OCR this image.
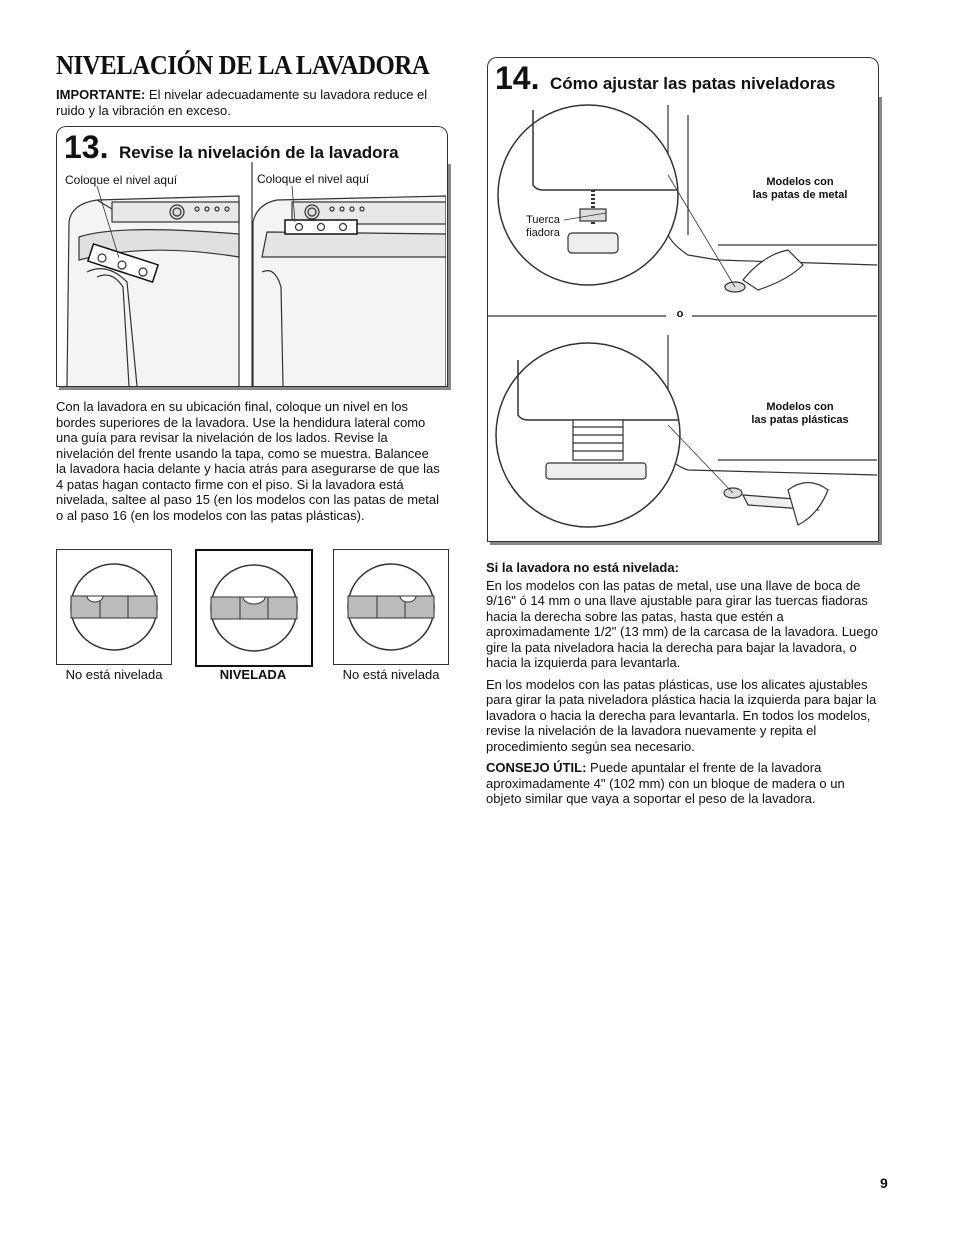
NIVELACIÓN DE LA LAVADORA
IMPORTANTE: El nivelar adecuadamente su lavadora reduce el ruido y la vibración en exceso.
13. Revise la nivelación de la lavadora
Coloque el nivel aquí	Coloque el nivel aquí
Con la lavadora en su ubicación final, coloque un nivel en los bordes superiores de la lavadora. Use la hendidura lateral como una guía para revisar la nivelación de los lados. Revise la nivelación del frente usando la tapa, como se muestra. Balancee la lavadora hacia delante y hacia atrás para asegurarse de que las 4 patas hagan contacto firme con el piso. Si la lavadora está nivelada, saltee al paso 15 (en los modelos con las patas de metal o al paso 16 (en los modelos con las patas plásticas).
No está nivelada	NIVELADA	No está nivelada
14. Cómo ajustar las patas niveladoras
Tuerca
fiadora
Modelos con
las patas de metal
o
Modelos con
las patas plásticas
Si la lavadora no está nivelada:

En los modelos con las patas de metal, use una llave de boca de 9/16" ó 14 mm o una llave ajustable para girar las tuercas fiadoras hacia la derecha sobre las patas, hasta que estén a aproximadamente 1/2" (13 mm) de la carcasa de la lavadora. Luego gire la pata niveladora hacia la derecha para bajar la lavadora, o hacia la izquierda para levantarla.

En los modelos con las patas plásticas, use los alicates ajustables para girar la pata niveladora plástica hacia la izquierda para bajar la lavadora o hacia la derecha para levantarla. En todos los modelos, revise la nivelación de la lavadora nuevamente y repita el procedimiento según sea necesario.

CONSEJO ÚTIL: Puede apuntalar el frente de la lavadora aproximadamente 4" (102 mm) con un bloque de madera o un objeto similar que vaya a soportar el peso de la lavadora.

9
